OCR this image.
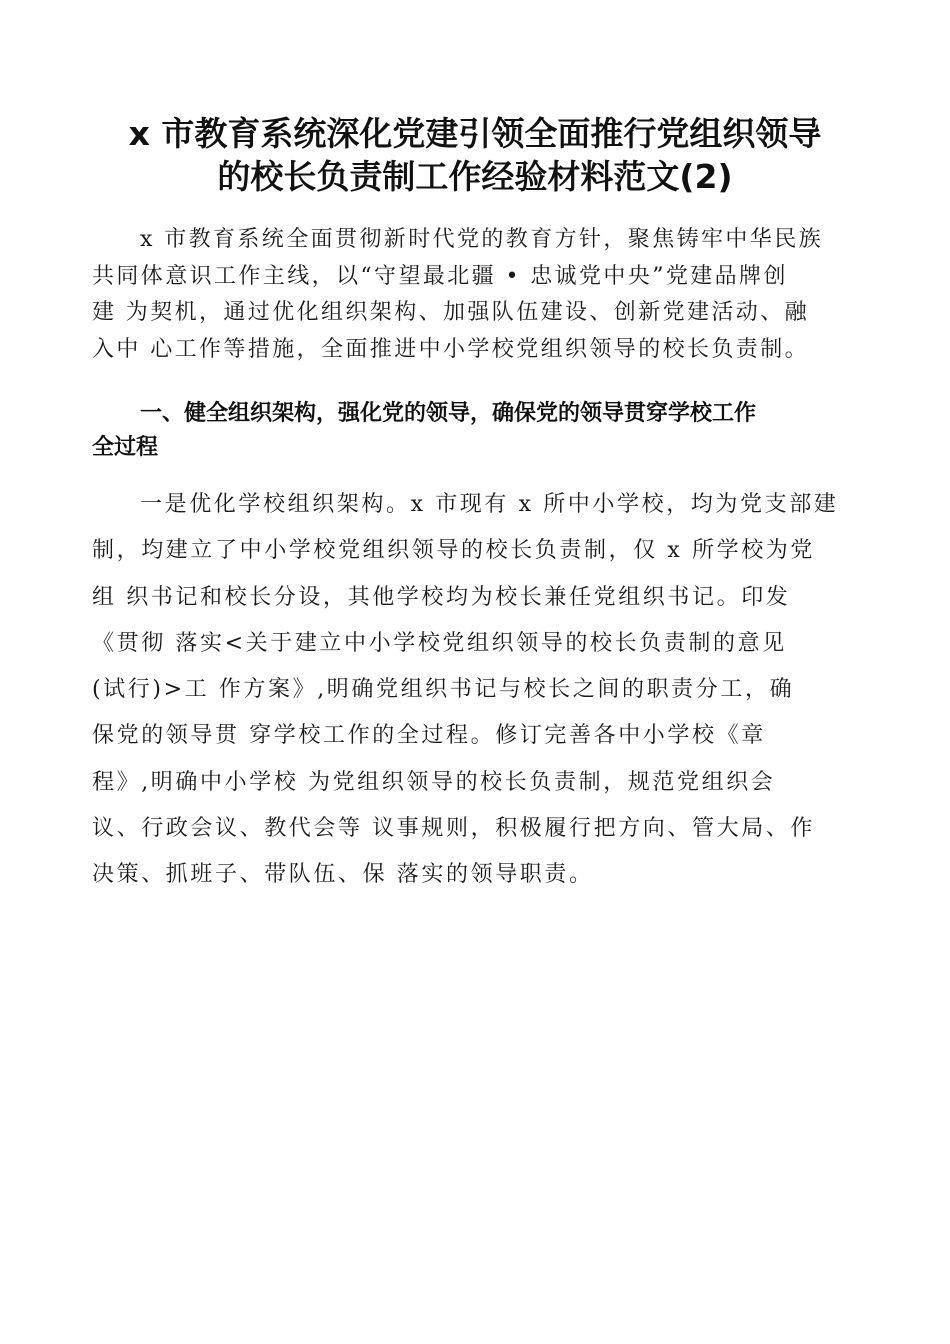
x 市教育系统深化党建引领全面推行党组织领导
的校长负责制工作经验材料范文(2)

x 市教育系统全面贯彻新时代党的教育方针，聚焦铸牢中华民族
共同体意识工作主线，以“守望最北疆 • 忠诚党中央”党建品牌创
建 为契机，通过优化组织架构、加强队伍建设、创新党建活动、融
入中 心工作等措施，全面推进中小学校党组织领导的校长负责制。

一、健全组织架构，强化党的领导，确保党的领导贯穿学校工作
全过程

一是优化学校组织架构。x 市现有 x 所中小学校，均为党支部建
制，均建立了中小学校党组织领导的校长负责制，仅 x 所学校为党
组 织书记和校长分设，其他学校均为校长兼任党组织书记。印发
《贯彻 落实<关于建立中小学校党组织领导的校长负责制的意见
(试行)>工 作方案》,明确党组织书记与校长之间的职责分工，确
保党的领导贯 穿学校工作的全过程。修订完善各中小学校《章
程》,明确中小学校 为党组织领导的校长负责制，规范党组织会
议、行政会议、教代会等 议事规则，积极履行把方向、管大局、作
决策、抓班子、带队伍、保 落实的领导职责。
